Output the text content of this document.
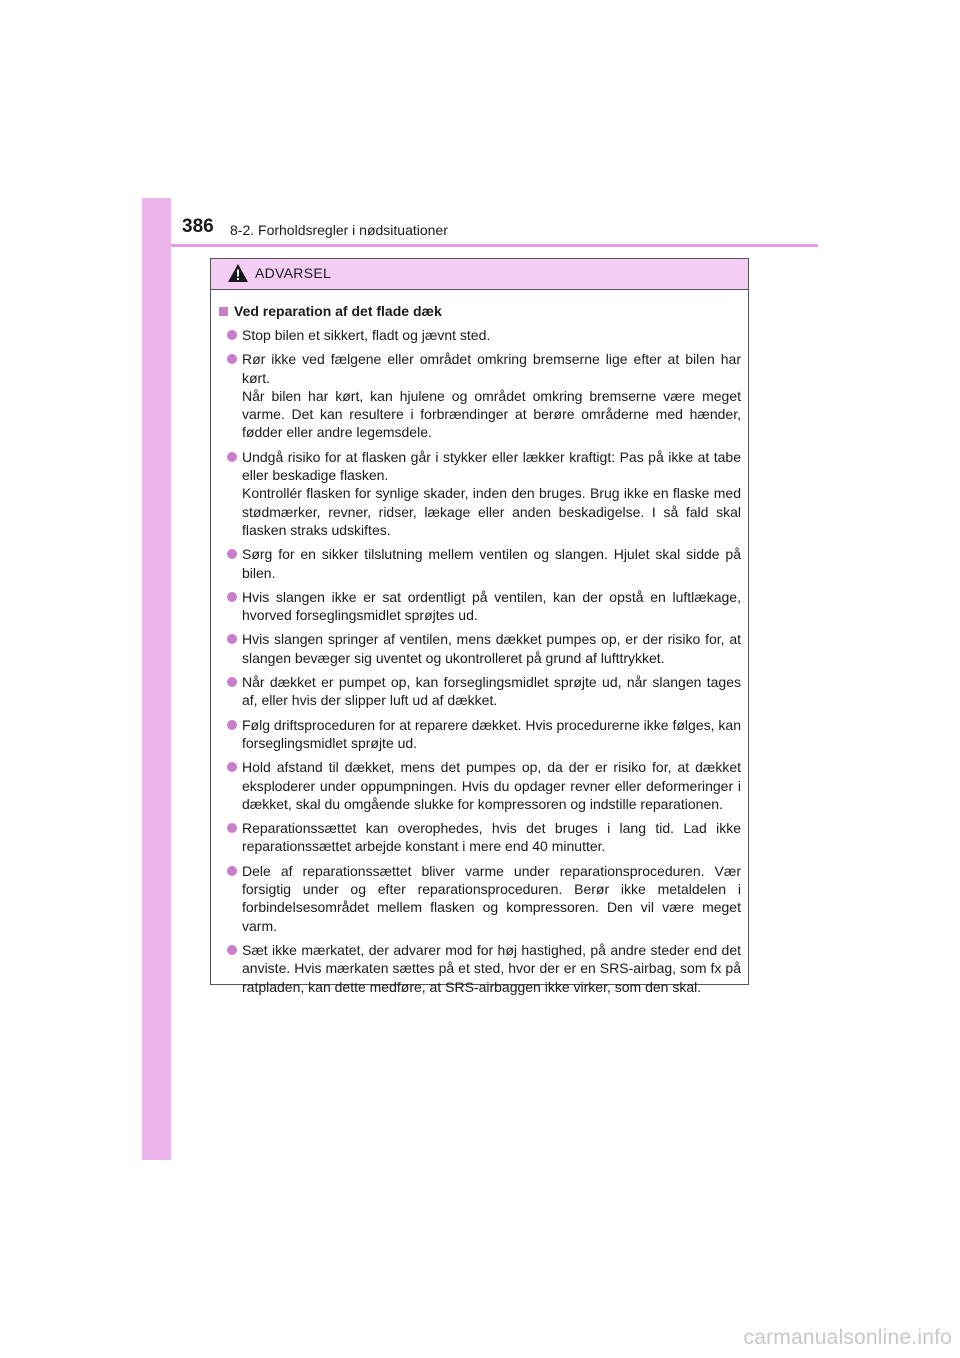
386 8-2. Forholdsregler i nødsituationer
ADVARSEL
Ved reparation af det flade dæk
Stop bilen et sikkert, fladt og jævnt sted.
Rør ikke ved fælgene eller området omkring bremserne lige efter at bilen har kørt.
Når bilen har kørt, kan hjulene og området omkring bremserne være meget varme. Det kan resultere i forbrændinger at berøre områderne med hænder, fødder eller andre legemsdele.
Undgå risiko for at flasken går i stykker eller lækker kraftigt: Pas på ikke at tabe eller beskadige flasken.
Kontrollér flasken for synlige skader, inden den bruges. Brug ikke en flaske med stødmærker, revner, ridser, lækage eller anden beskadigelse. I så fald skal flasken straks udskiftes.
Sørg for en sikker tilslutning mellem ventilen og slangen. Hjulet skal sidde på bilen.
Hvis slangen ikke er sat ordentligt på ventilen, kan der opstå en luftlækage, hvorved forseglingsmidlet sprøjtes ud.
Hvis slangen springer af ventilen, mens dækket pumpes op, er der risiko for, at slangen bevæger sig uventet og ukontrolleret på grund af lufttrykket.
Når dækket er pumpet op, kan forseglingsmidlet sprøjte ud, når slangen tages af, eller hvis der slipper luft ud af dækket.
Følg driftsproceduren for at reparere dækket. Hvis procedurerne ikke følges, kan forseglingsmidlet sprøjte ud.
Hold afstand til dækket, mens det pumpes op, da der er risiko for, at dækket eksploderer under oppumpningen. Hvis du opdager revner eller deformeringer i dækket, skal du omgående slukke for kompressoren og indstille reparationen.
Reparationssættet kan overophedes, hvis det bruges i lang tid. Lad ikke reparationssættet arbejde konstant i mere end 40 minutter.
Dele af reparationssættet bliver varme under reparationsproceduren. Vær forsigtig under og efter reparationsproceduren. Berør ikke metaldelen i forbindelsesområdet mellem flasken og kompressoren. Den vil være meget varm.
Sæt ikke mærkatet, der advarer mod for høj hastighed, på andre steder end det anviste. Hvis mærkaten sættes på et sted, hvor der er en SRS-airbag, som fx på ratpladen, kan dette medføre, at SRS-airbaggen ikke virker, som den skal.
carmanualsonline.info
